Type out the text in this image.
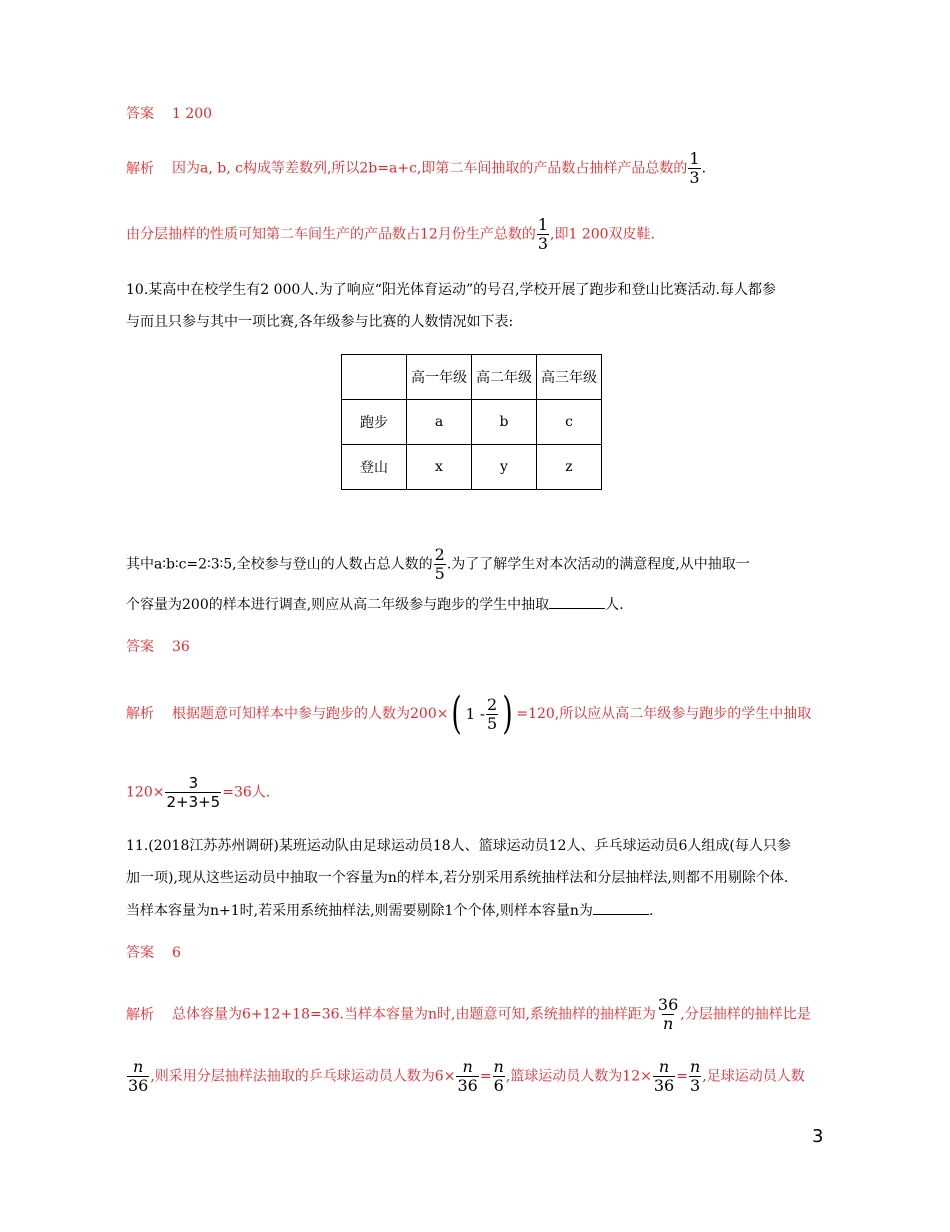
答案 1 200
解析 因为a, b, c构成等差数列,所以2b=a+c,即第二车间抽取的产品数占抽样产品总数的 $\frac{1}{3}$ .
由分层抽样的性质可知第二车间生产的产品数占12月份生产总数的 $\frac{1}{3}$ ,即1 200双皮鞋.
10.某高中在校学生有2 000人.为了响应“阳光体育运动”的号召,学校开展了跑步和登山比赛活动.每人都参
与而且只参与其中一项比赛,各年级参与比赛的人数情况如下表:
	高一年级	高二年级	高三年级
跑步	a	b	c
登山	x	y	z
其中a∶b∶c=2∶3∶5,全校参与登山的人数占总人数的 $\frac{2}{5}$ .为了了解学生对本次活动的满意程度,从中抽取一
个容量为200的样本进行调查,则应从高二年级参与跑步的学生中抽取	人.
答案 36
解析 根据题意可知样本中参与跑步的人数为200× ( $1 - \frac{2}{5}$ ) =120,所以应从高二年级参与跑步的学生中抽取
$120\times \frac{3}{2+3+5} =36$人.
11.(2018江苏苏州调研)某班运动队由足球运动员18人、篮球运动员12人、乒乓球运动员6人组成(每人只参
加一项),现从这些运动员中抽取一个容量为n的样本,若分别采用系统抽样法和分层抽样法,则都不用剔除个体.
当样本容量为n+1时,若采用系统抽样法,则需要剔除1个个体,则样本容量n为	.
答案 6
解析 总体容量为6+12+18=36.当样本容量为n时,由题意可知,系统抽样的抽样距为 $\frac{36}{n}$ ,分层抽样的抽样比是
$\frac{n}{36}$ ,则采用分层抽样法抽取的乒乓球运动员人数为$6\times \frac{n}{36} = \frac{n}{6}$ ,篮球运动员人数为$12\times \frac{n}{36} = \frac{n}{3}$ ,足球运动员人数
3
